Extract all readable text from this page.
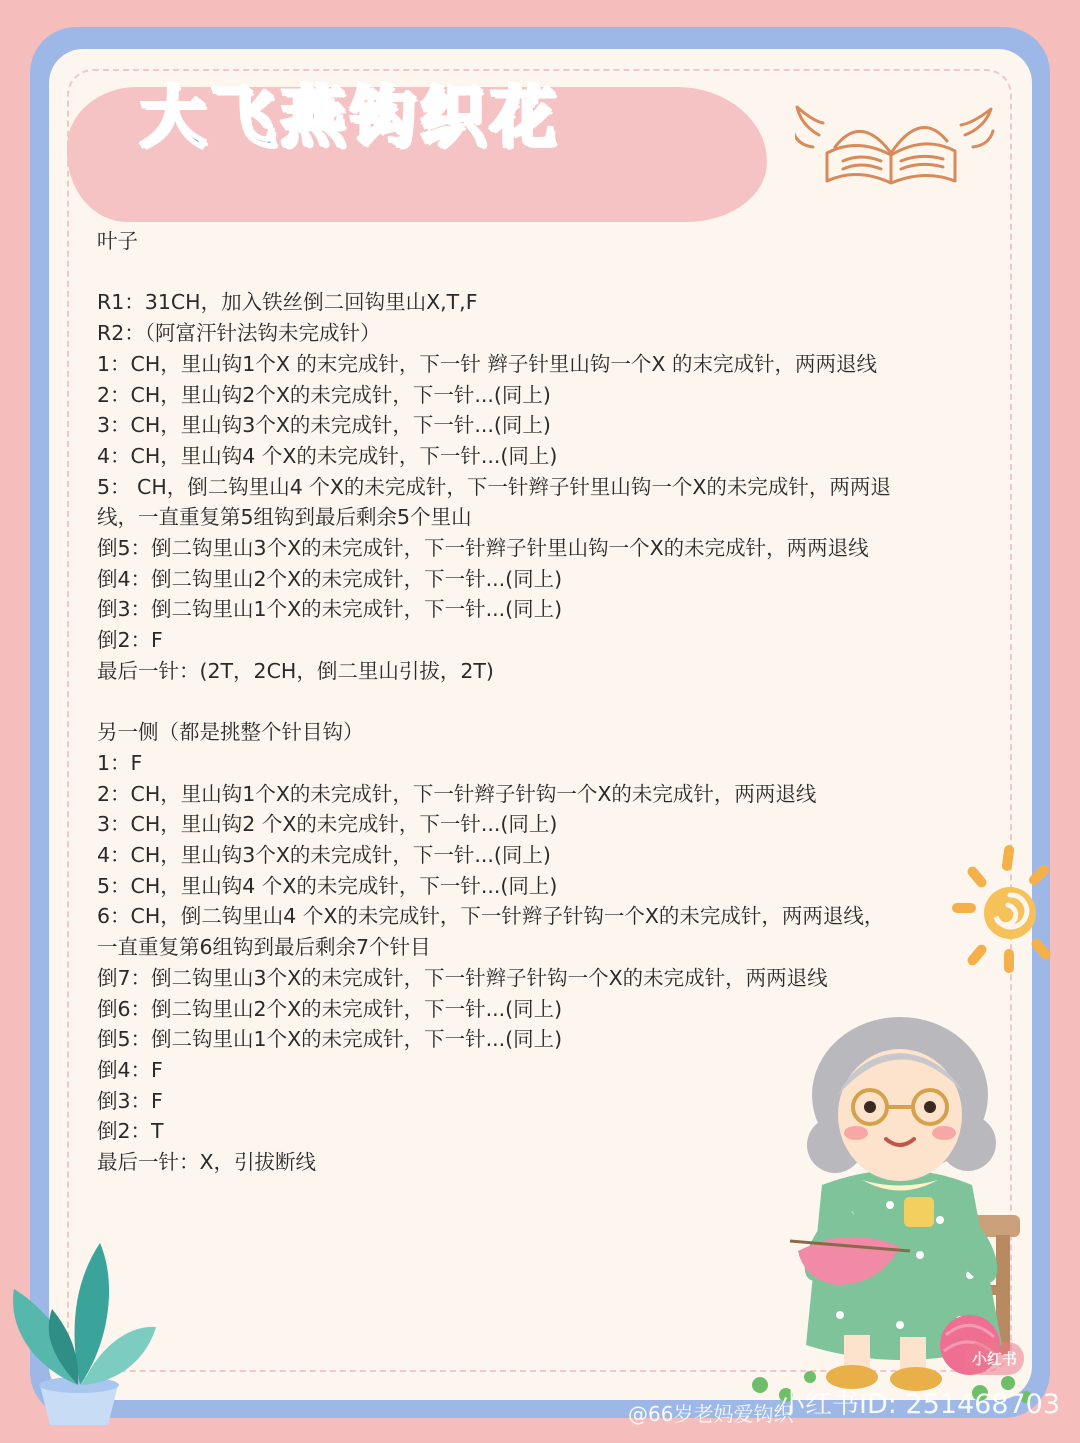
大飞燕钩织花
叶子
R1：31CH，加入铁丝倒二回钩里山X,T,F
R2：（阿富汗针法钩未完成针）
1：CH，里山钩1个X 的末完成针，下一针 辫子针里山钩一个X 的末完成针，两两退线
2：CH，里山钩2个X的未完成针，下一针...(同上)
3：CH，里山钩3个X的未完成针，下一针...(同上)
4：CH，里山钩4 个X的未完成针，下一针...(同上)
5： CH，倒二钩里山4 个X的未完成针，下一针辫子针里山钩一个X的未完成针，两两退
线，一直重复第5组钩到最后剩余5个里山
倒5：倒二钩里山3个X的未完成针，下一针辫子针里山钩一个X的未完成针，两两退线
倒4：倒二钩里山2个X的未完成针，下一针...(同上)
倒3：倒二钩里山1个X的未完成针，下一针...(同上)
倒2：F
最后一针：(2T，2CH，倒二里山引拔，2T)
另一侧（都是挑整个针目钩）
1：F
2：CH，里山钩1个X的未完成针，下一针辫子针钩一个X的未完成针，两两退线
3：CH，里山钩2 个X的未完成针，下一针...(同上)
4：CH，里山钩3个X的未完成针，下一针...(同上)
5：CH，里山钩4 个X的未完成针，下一针...(同上)
6：CH，倒二钩里山4 个X的未完成针，下一针辫子针钩一个X的未完成针，两两退线，
一直重复第6组钩到最后剩余7个针目
倒7：倒二钩里山3个X的未完成针，下一针辫子针钩一个X的未完成针，两两退线
倒6：倒二钩里山2个X的未完成针，下一针...(同上)
倒5：倒二钩里山1个X的未完成针，下一针...(同上)
倒4：F
倒3：F
倒2：T
最后一针：X，引拔断线
小红书ID: 251468703
@66岁老妈爱钩织
小红书
